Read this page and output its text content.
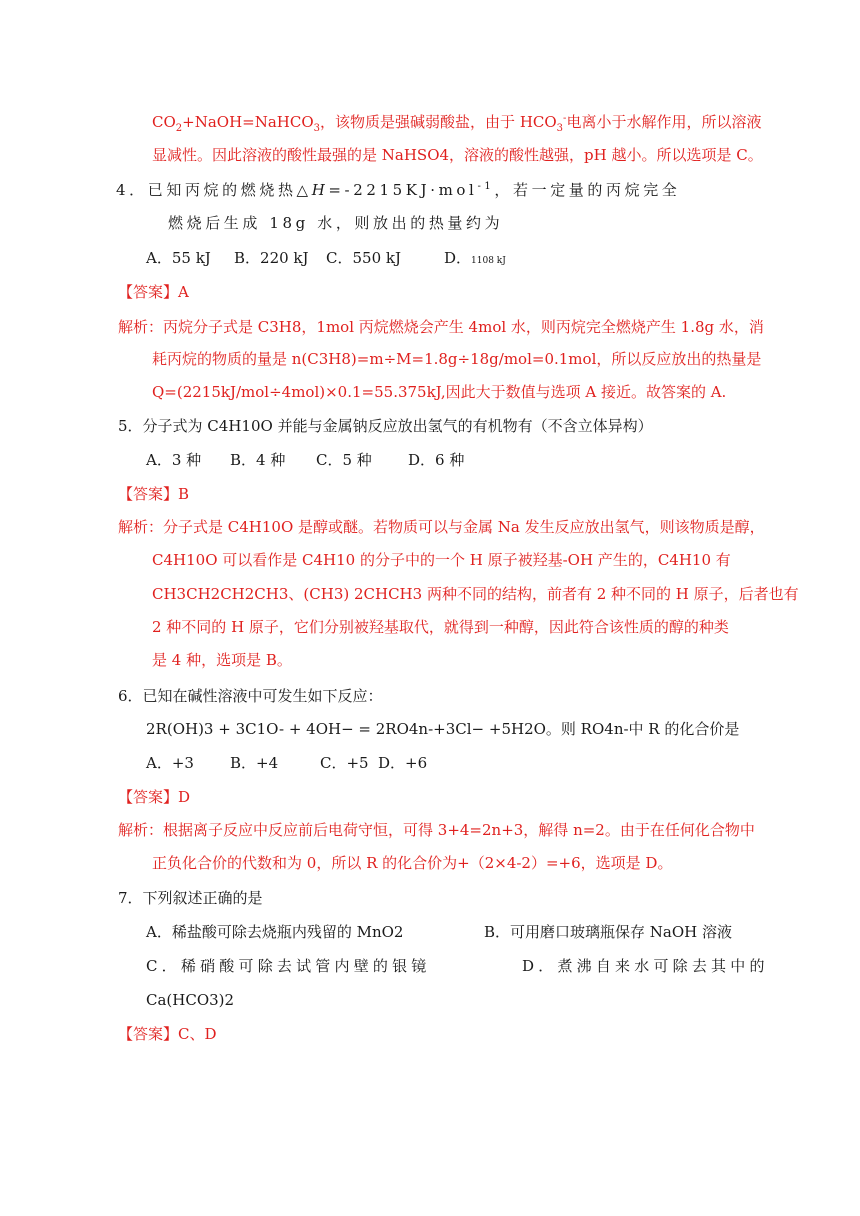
$CO_2+NaOH=NaHCO_3$，该物质是强碱弱酸盐，由于 $HCO_3^-$电离小于水解作用，所以溶液
显减性。因此溶液的酸性最强的是 NaHSO4，溶液的酸性越强，pH 越小。所以选项是 C。
4．已知丙烷的燃烧热△H=-2215KJ·mol$^{-1}$，若一定量的丙烷完全
燃烧后生成 18g 水，则放出的热量约为
A．55 kJ B．220 kJ C．550 kJ	D．1108 kJ
【答案】A
解析：丙烷分子式是 C3H8，1mol 丙烷燃烧会产生 4mol 水，则丙烷完全燃烧产生 1.8g 水，消
耗丙烷的物质的量是 n(C3H8)=m÷M=1.8g÷18g/mol=0.1mol，所以反应放出的热量是
Q=(2215kJ/mol÷4mol)×0.1=55.375kJ,因此大于数值与选项 A 接近。故答案的 A.
5．分子式为 C4H10O 并能与金属钠反应放出氢气的有机物有（不含立体异构）
A．3 种 B．4 种 C．5 种 D．6 种
【答案】B
解析：分子式是 C4H10O 是醇或醚。若物质可以与金属 Na 发生反应放出氢气，则该物质是醇，
C4H10O 可以看作是 C4H10 的分子中的一个 H 原子被羟基-OH 产生的，C4H10 有
CH3CH2CH2CH3、(CH3) 2CHCH3 两种不同的结构，前者有 2 种不同的 H 原子，后者也有
2 种不同的 H 原子，它们分别被羟基取代，就得到一种醇，因此符合该性质的醇的种类
是 4 种，选项是 B。
6．已知在碱性溶液中可发生如下反应：
2R(OH)3 + 3C1O- + 4OH− = 2RO4n-+3Cl− +5H2O。则 RO4n-中 R 的化合价是
A．+3 B．+4	C．+5 D．+6
【答案】D
解析：根据离子反应中反应前后电荷守恒，可得 3+4=2n+3，解得 n=2。由于在任何化合物中
正负化合价的代数和为 0，所以 R 的化合价为+（2×4-2）=+6，选项是 D。
7．下列叙述正确的是
A．稀盐酸可除去烧瓶内残留的 MnO2	B．可用磨口玻璃瓶保存 NaOH 溶液
C．稀硝酸可除去试管内壁的银镜	D．煮沸自来水可除去其中的
Ca(HCO3)2
【答案】C、D
